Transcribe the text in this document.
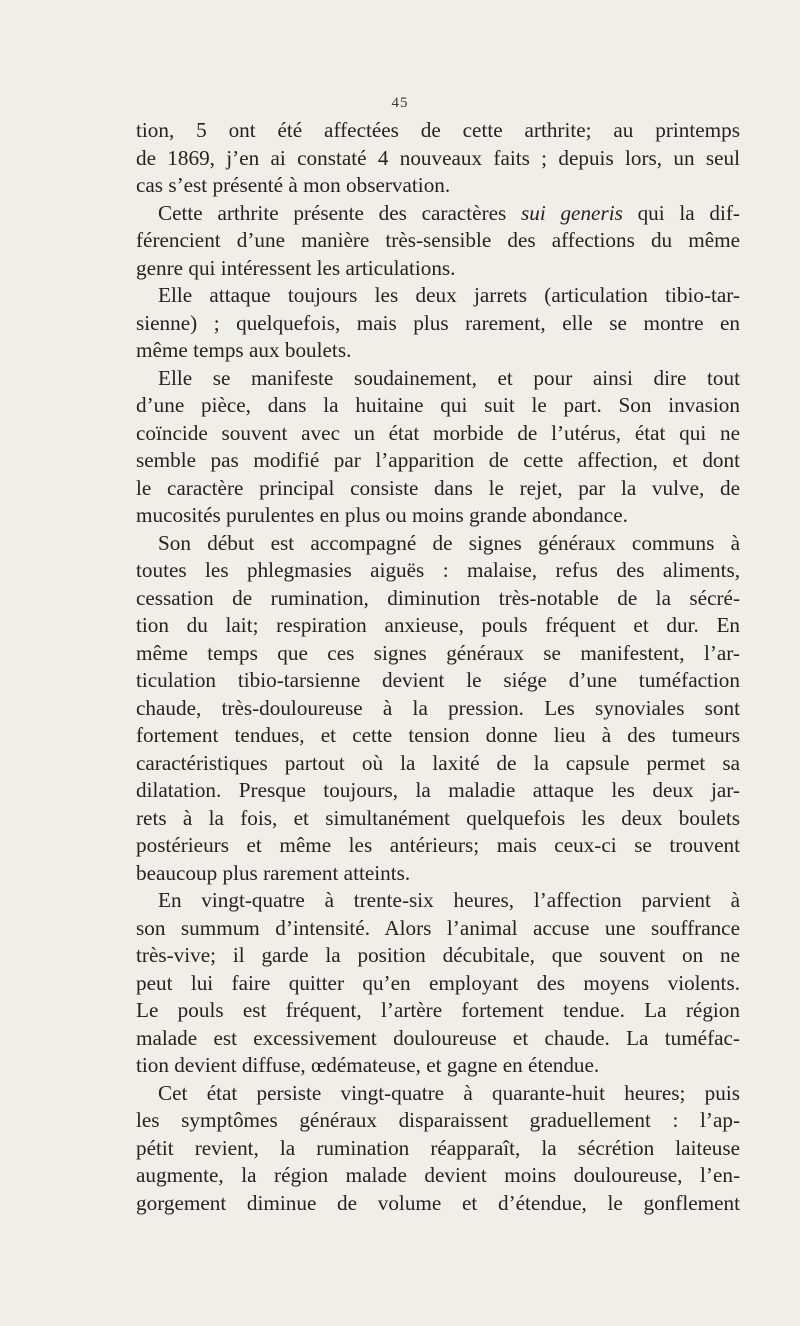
45
tion, 5 ont été affectées de cette arthrite; au printemps
de 1869, j’en ai constaté 4 nouveaux faits ; depuis lors, un seul
cas s’est présenté à mon observation.
Cette arthrite présente des caractères sui generis qui la dif-
férencient d’une manière très-sensible des affections du même
genre qui intéressent les articulations.
Elle attaque toujours les deux jarrets (articulation tibio-tar-
sienne) ; quelquefois, mais plus rarement, elle se montre en
même temps aux boulets.
Elle se manifeste soudainement, et pour ainsi dire tout
d’une pièce, dans la huitaine qui suit le part. Son invasion
coïncide souvent avec un état morbide de l’utérus, état qui ne
semble pas modifié par l’apparition de cette affection, et dont
le caractère principal consiste dans le rejet, par la vulve, de
mucosités purulentes en plus ou moins grande abondance.
Son début est accompagné de signes généraux communs à
toutes les phlegmasies aiguës : malaise, refus des aliments,
cessation de rumination, diminution très-notable de la sécré-
tion du lait; respiration anxieuse, pouls fréquent et dur. En
même temps que ces signes généraux se manifestent, l’ar-
ticulation tibio-tarsienne devient le siége d’une tuméfaction
chaude, très-douloureuse à la pression. Les synoviales sont
fortement tendues, et cette tension donne lieu à des tumeurs
caractéristiques partout où la laxité de la capsule permet sa
dilatation. Presque toujours, la maladie attaque les deux jar-
rets à la fois, et simultanément quelquefois les deux boulets
postérieurs et même les antérieurs; mais ceux-ci se trouvent
beaucoup plus rarement atteints.
En vingt-quatre à trente-six heures, l’affection parvient à
son summum d’intensité. Alors l’animal accuse une souffrance
très-vive; il garde la position décubitale, que souvent on ne
peut lui faire quitter qu’en employant des moyens violents.
Le pouls est fréquent, l’artère fortement tendue. La région
malade est excessivement douloureuse et chaude. La tuméfac-
tion devient diffuse, œdémateuse, et gagne en étendue.
Cet état persiste vingt-quatre à quarante-huit heures; puis
les symptômes généraux disparaissent graduellement : l’ap-
pétit revient, la rumination réapparaît, la sécrétion laiteuse
augmente, la région malade devient moins douloureuse, l’en-
gorgement diminue de volume et d’étendue, le gonflement
